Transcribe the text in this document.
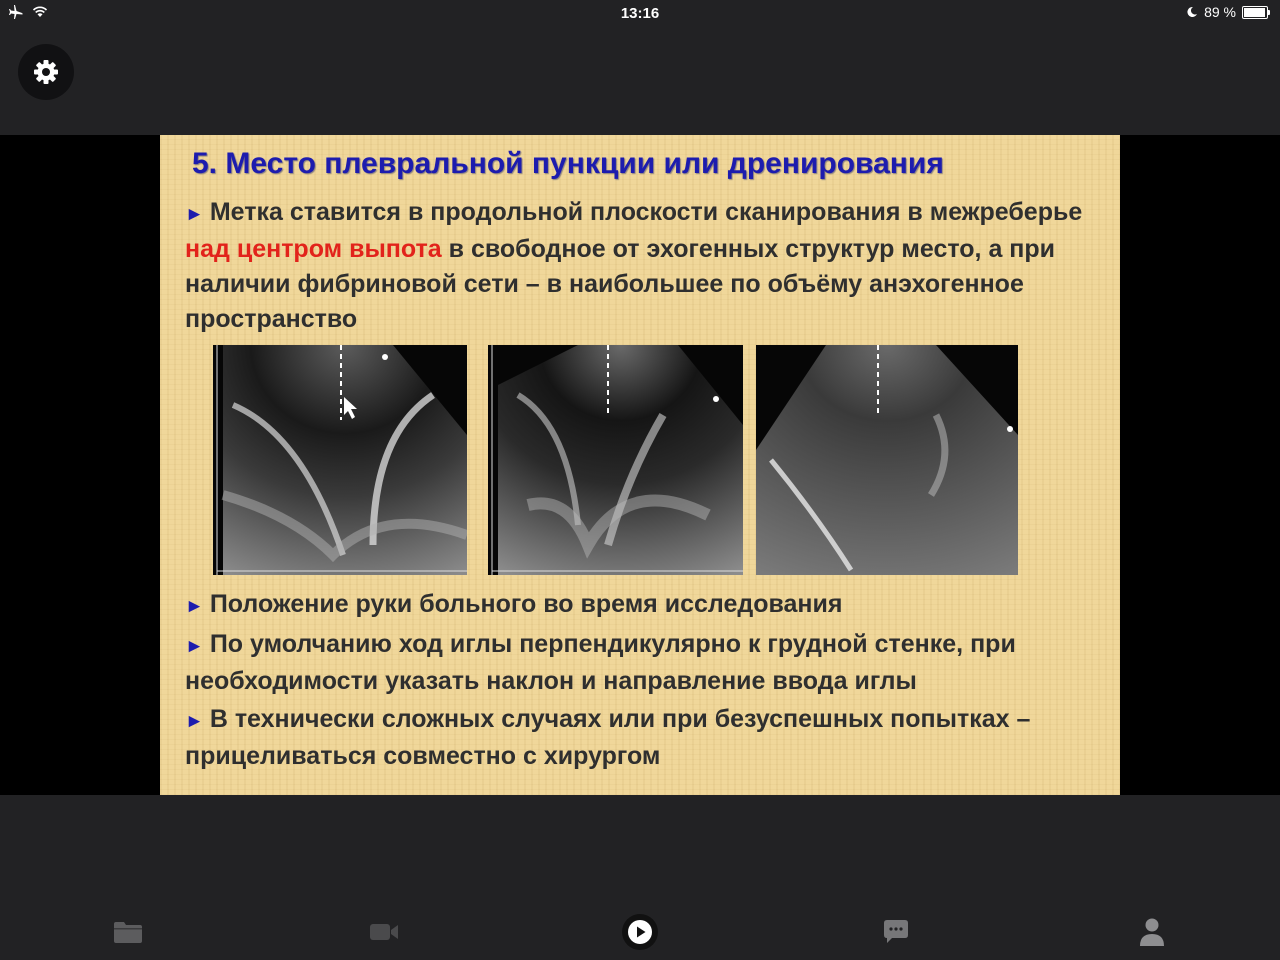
13:16	89 %
5. Место плевральной пункции или дренирования

► Метка ставится в продольной плоскости сканирования в межреберье над центром выпота в свободное от эхогенных структур место, а при наличии фибриновой сети – в наибольшее по объёму анэхогенное пространство

► Положение руки больного во время исследования

► По умолчанию ход иглы перпендикулярно к грудной стенке, при необходимости указать наклон и направление ввода иглы

► В технически сложных случаях или при безуспешных попытках – прицеливаться совместно с хирургом
